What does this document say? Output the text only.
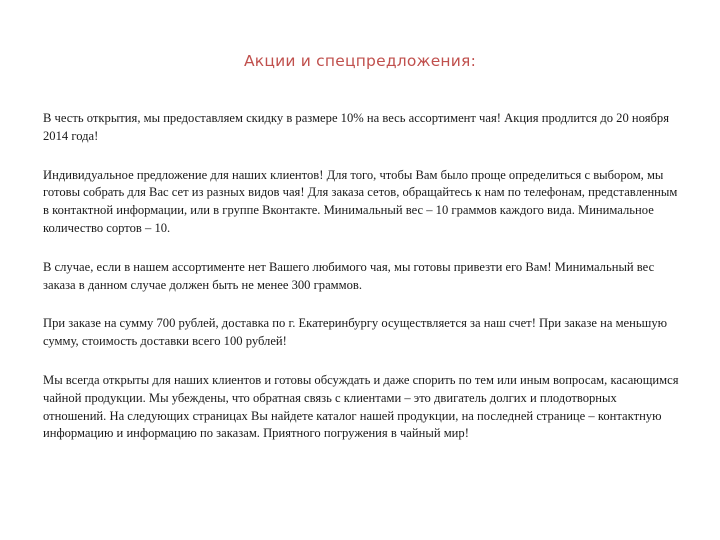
Акции и спецпредложения:

В честь открытия, мы предоставляем скидку в размере 10% на весь ассортимент чая! Акция продлится до 20 ноября 2014 года!

Индивидуальное предложение для наших клиентов! Для того, чтобы Вам было проще определиться с выбором, мы готовы собрать для Вас сет из разных видов чая! Для заказа сетов, обращайтесь к нам по телефонам, представленным в контактной информации, или в группе Вконтакте. Минимальный вес – 10 граммов каждого вида. Минимальное количество сортов – 10.

В случае, если в нашем ассортименте нет Вашего любимого чая, мы готовы привезти его Вам! Минимальный вес заказа в данном случае должен быть не менее 300 граммов.

При заказе на сумму 700 рублей, доставка по г. Екатеринбургу осуществляется за наш счет! При заказе на меньшую сумму, стоимость доставки всего 100 рублей!

Мы всегда открыты для наших клиентов и готовы обсуждать и даже спорить по тем или иным вопросам, касающимся чайной продукции. Мы убеждены, что обратная связь с клиентами – это двигатель долгих и плодотворных отношений. На следующих страницах Вы найдете каталог нашей продукции, на последней странице – контактную информацию и информацию по заказам. Приятного погружения в чайный мир!
